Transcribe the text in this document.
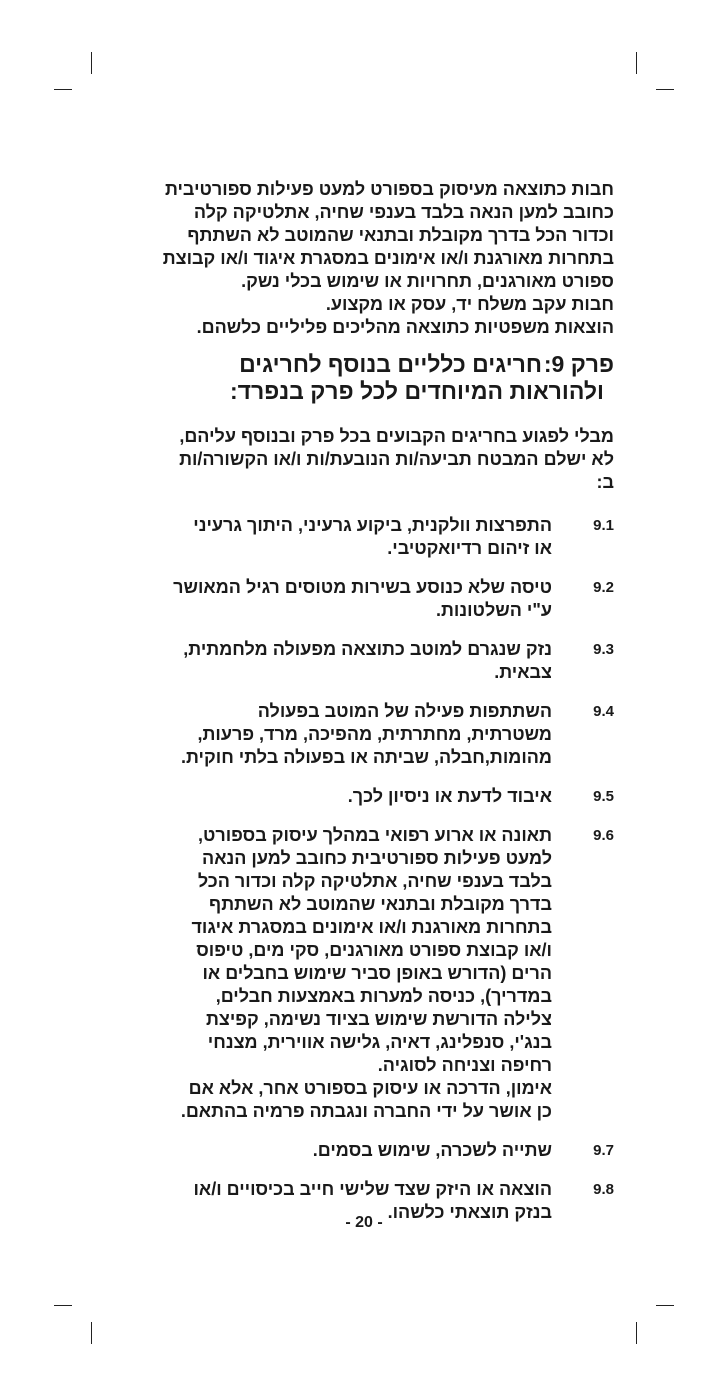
חבות כתוצאה מעיסוק בספורט למעט פעילות ספורטיבית
כחובב למען הנאה בלבד בענפי שחיה, אתלטיקה קלה
וכדור הכל בדרך מקובלת ובתנאי שהמוטב לא השתתף
בתחרות מאורגנת ו/או אימונים במסגרת איגוד ו/או קבוצת
ספורט מאורגנים, תחרויות או שימוש בכלי נשק.
חבות עקב משלח יד, עסק או מקצוע.
הוצאות משפטיות כתוצאה מהליכים פליליים כלשהם.

פרק 9:
חריגים כלליים בנוסף לחריגים
ולהוראות המיוחדים לכל פרק בנפרד:
מבלי לפגוע בחריגים הקבועים בכל פרק ובנוסף עליהם,
לא ישלם המבטח תביעה/ות הנובעת/ות ו/או הקשורה/ות
ב:
9.1
התפרצות וולקנית, ביקוע גרעיני, היתוך גרעיני
או זיהום רדיואקטיבי.
9.2
טיסה שלא כנוסע בשירות מטוסים רגיל המאושר
ע"י השלטונות.
9.3
נזק שנגרם למוטב כתוצאה מפעולה מלחמתית,
צבאית.
9.4
השתתפות פעילה של המוטב בפעולה
משטרתית, מחתרתית, מהפיכה, מרד, פרעות,
מהומות,חבלה, שביתה או בפעולה בלתי חוקית.
9.5
איבוד לדעת או ניסיון לכך.
9.6
תאונה או ארוע רפואי במהלך עיסוק בספורט,
למעט פעילות ספורטיבית כחובב למען הנאה
בלבד בענפי שחיה, אתלטיקה קלה וכדור הכל
בדרך מקובלת ובתנאי שהמוטב לא השתתף
בתחרות מאורגנת ו/או אימונים במסגרת איגוד
ו/או קבוצת ספורט מאורגנים, סקי מים, טיפוס
הרים (הדורש באופן סביר שימוש בחבלים או
במדריך), כניסה למערות באמצעות חבלים,
צלילה הדורשת שימוש בציוד נשימה, קפיצת
בנג'י, סנפלינג, דאיה, גלישה אווירית, מצנחי
רחיפה וצניחה לסוגיה.
אימון, הדרכה או עיסוק בספורט אחר, אלא אם
כן אושר על ידי החברה ונגבתה פרמיה בהתאם.
9.7
שתייה לשכרה, שימוש בסמים.
9.8
הוצאה או היזק שצד שלישי חייב בכיסויים ו/או
בנזק תוצאתי כלשהו.
- 20 -
